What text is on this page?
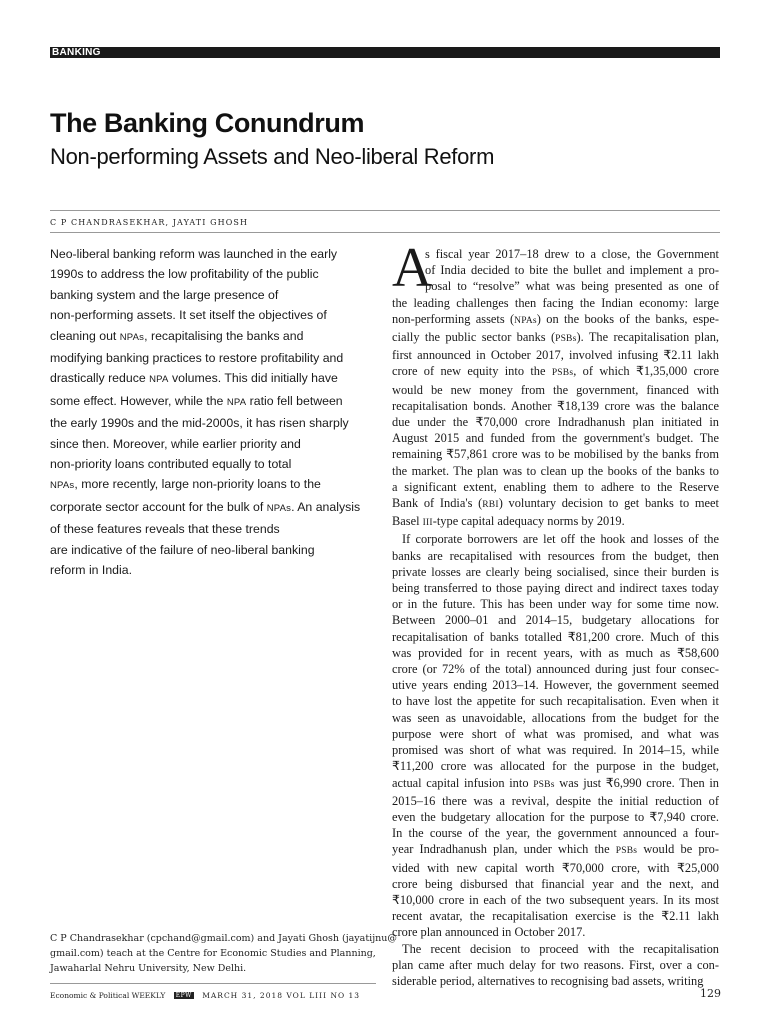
BANKING
The Banking Conundrum
Non-performing Assets and Neo-liberal Reform
C P CHANDRASEKHAR, JAYATI GHOSH

Neo-liberal banking reform was launched in the early
1990s to address the low profitability of the public
banking system and the large presence of
non-performing assets. It set itself the objectives of
cleaning out NPAs, recapitalising the banks and
modifying banking practices to restore profitability and
drastically reduce NPA volumes. This did initially have
some effect. However, while the NPA ratio fell between
the early 1990s and the mid-2000s, it has risen sharply
since then. Moreover, while earlier priority and
non-priority loans contributed equally to total
NPAs, more recently, large non-priority loans to the
corporate sector account for the bulk of NPAs. An analysis
of these features reveals that these trends
are indicative of the failure of neo-liberal banking
reform in India.

C P Chandrasekhar (cpchand@gmail.com) and Jayati Ghosh (jayatijnu@
gmail.com) teach at the Centre for Economic Studies and Planning,
Jawaharlal Nehru University, New Delhi.

Economic & Political WEEKLY EPW MARCH 31, 2018 VOL LIII NO 13	129
A
s fiscal year 2017–18 drew to a close, the Government
of India decided to bite the bullet and implement a pro-
posal to “resolve” what was being presented as one of
the leading challenges then facing the Indian economy: large
non-performing assets (NPAs) on the books of the banks, espe-
cially the public sector banks (PSBs). The recapitalisation plan,
first announced in October 2017, involved infusing ₹2.11 lakh
crore of new equity into the PSBs, of which ₹1,35,000 crore
would be new money from the government, financed with
recapitalisation bonds. Another ₹18,139 crore was the balance
due under the ₹70,000 crore Indradhanush plan initiated in
August 2015 and funded from the government's budget. The
remaining ₹57,861 crore was to be mobilised by the banks from
the market. The plan was to clean up the books of the banks to
a significant extent, enabling them to adhere to the Reserve
Bank of India's (RBI) voluntary decision to get banks to meet
Basel III-type capital adequacy norms by 2019.
If corporate borrowers are let off the hook and losses of the
banks are recapitalised with resources from the budget, then
private losses are clearly being socialised, since their burden is
being transferred to those paying direct and indirect taxes today
or in the future. This has been under way for some time now.
Between 2000–01 and 2014–15, budgetary allocations for
recapitalisation of banks totalled ₹81,200 crore. Much of this
was provided for in recent years, with as much as ₹58,600
crore (or 72% of the total) announced during just four consec-
utive years ending 2013–14. However, the government seemed
to have lost the appetite for such recapitalisation. Even when it
was seen as unavoidable, allocations from the budget for the
purpose were short of what was promised, and what was
promised was short of what was required. In 2014–15, while
₹11,200 crore was allocated for the purpose in the budget,
actual capital infusion into PSBs was just ₹6,990 crore. Then in
2015–16 there was a revival, despite the initial reduction of
even the budgetary allocation for the purpose to ₹7,940 crore.
In the course of the year, the government announced a four-
year Indradhanush plan, under which the PSBs would be pro-
vided with new capital worth ₹70,000 crore, with ₹25,000
crore being disbursed that financial year and the next, and
₹10,000 crore in each of the two subsequent years. In its most
recent avatar, the recapitalisation exercise is the ₹2.11 lakh
crore plan announced in October 2017.
The recent decision to proceed with the recapitalisation
plan came after much delay for two reasons. First, over a con-
siderable period, alternatives to recognising bad assets, writing
